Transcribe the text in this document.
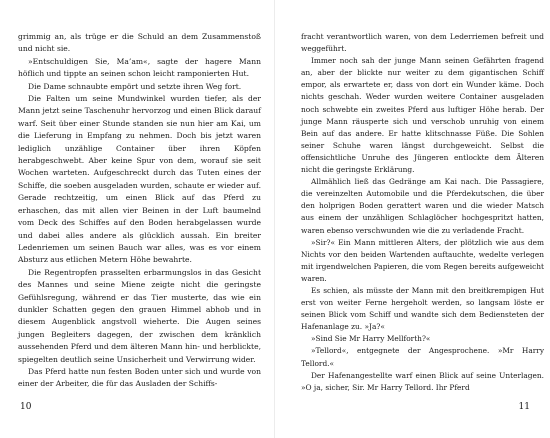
grimmig an, als trüge er die Schuld an dem Zusammenstoß und nicht sie.

»Entschuldigen Sie, Ma’am«, sagte der hagere Mann höflich und tippte an seinen schon leicht ramponierten Hut.

Die Dame schnaubte empört und setzte ihren Weg fort.

Die Falten um seine Mundwinkel wurden tiefer, als der Mann jetzt seine Taschenuhr hervorzog und einen Blick darauf warf. Seit über einer Stunde standen sie nun hier am Kai, um die Lieferung in Empfang zu nehmen. Doch bis jetzt waren lediglich unzählige Container über ihren Köpfen herabgeschwebt. Aber keine Spur von dem, worauf sie seit Wochen warteten. Aufgeschreckt durch das Tuten eines der Schiffe, die soeben ausgeladen wurden, schaute er wieder auf. Gerade rechtzeitig, um einen Blick auf das Pferd zu erhaschen, das mit allen vier Beinen in der Luft baumelnd vom Deck des Schiffes auf den Boden herabgelassen wurde und dabei alles andere als glücklich aussah. Ein breiter Ledenriemen um seinen Bauch war alles, was es vor einem Absturz aus etlichen Metern Höhe bewahrte.

Die Regentropfen prasselten erbarmungslos in das Gesicht des Mannes und seine Miene zeigte nicht die geringste Gefühlsregung, während er das Tier musterte, das wie ein dunkler Schatten gegen den grauen Himmel abhob und in diesem Augenblick angstvoll wieherte. Die Augen seines jungen Begleiters dagegen, der zwischen dem kränklich aussehenden Pferd und dem älteren Mann hin- und herblickte, spiegelten deutlich seine Unsicherheit und Verwirrung wider.

Das Pferd hatte nun festen Boden unter sich und wurde von einer der Arbeiter, die für das Ausladen der Schiffs-

10

fracht verantwortlich waren, von dem Lederriemen befreit und weggeführt.

Immer noch sah der junge Mann seinen Gefährten fragend an, aber der blickte nur weiter zu dem gigantischen Schiff empor, als erwartete er, dass von dort ein Wunder käme. Doch nichts geschah. Weder wurden weitere Container ausgeladen noch schwebte ein zweites Pferd aus luftiger Höhe herab. Der junge Mann räusperte sich und verschob unruhig von einem Bein auf das andere. Er hatte klitschnasse Füße. Die Sohlen seiner Schuhe waren längst durchgeweicht. Selbst die offensichtliche Unruhe des Jüngeren entlockte dem Älteren nicht die geringste Erklärung.

Allmählich ließ das Gedränge am Kai nach. Die Passagiere, die vereinzelten Automobile und die Pferdekutschen, die über den holprigen Boden gerattert waren und die wieder Matsch aus einem der unzähligen Schlaglöcher hochgespritzt hatten, waren ebenso verschwunden wie die zu verladende Fracht.

»Sir?« Ein Mann mittleren Alters, der plötzlich wie aus dem Nichts vor den beiden Wartenden auftauchte, wedelte verlegen mit irgendwelchen Papieren, die vom Regen bereits aufgeweicht waren.

Es schien, als müsste der Mann mit den breitkrempigen Hut erst von weiter Ferne hergeholt werden, so langsam löste er seinen Blick vom Schiff und wandte sich dem Bediensteten der Hafenanlage zu. »Ja?«

»Sind Sie Mr Harry Mellforth?«

»Tellord«, entgegnete der Angesprochene. »Mr Harry Tellord.«

Der Hafenangestellte warf einen Blick auf seine Unterlagen. »O ja, sicher, Sir. Mr Harry Tellord. Ihr Pferd

11
